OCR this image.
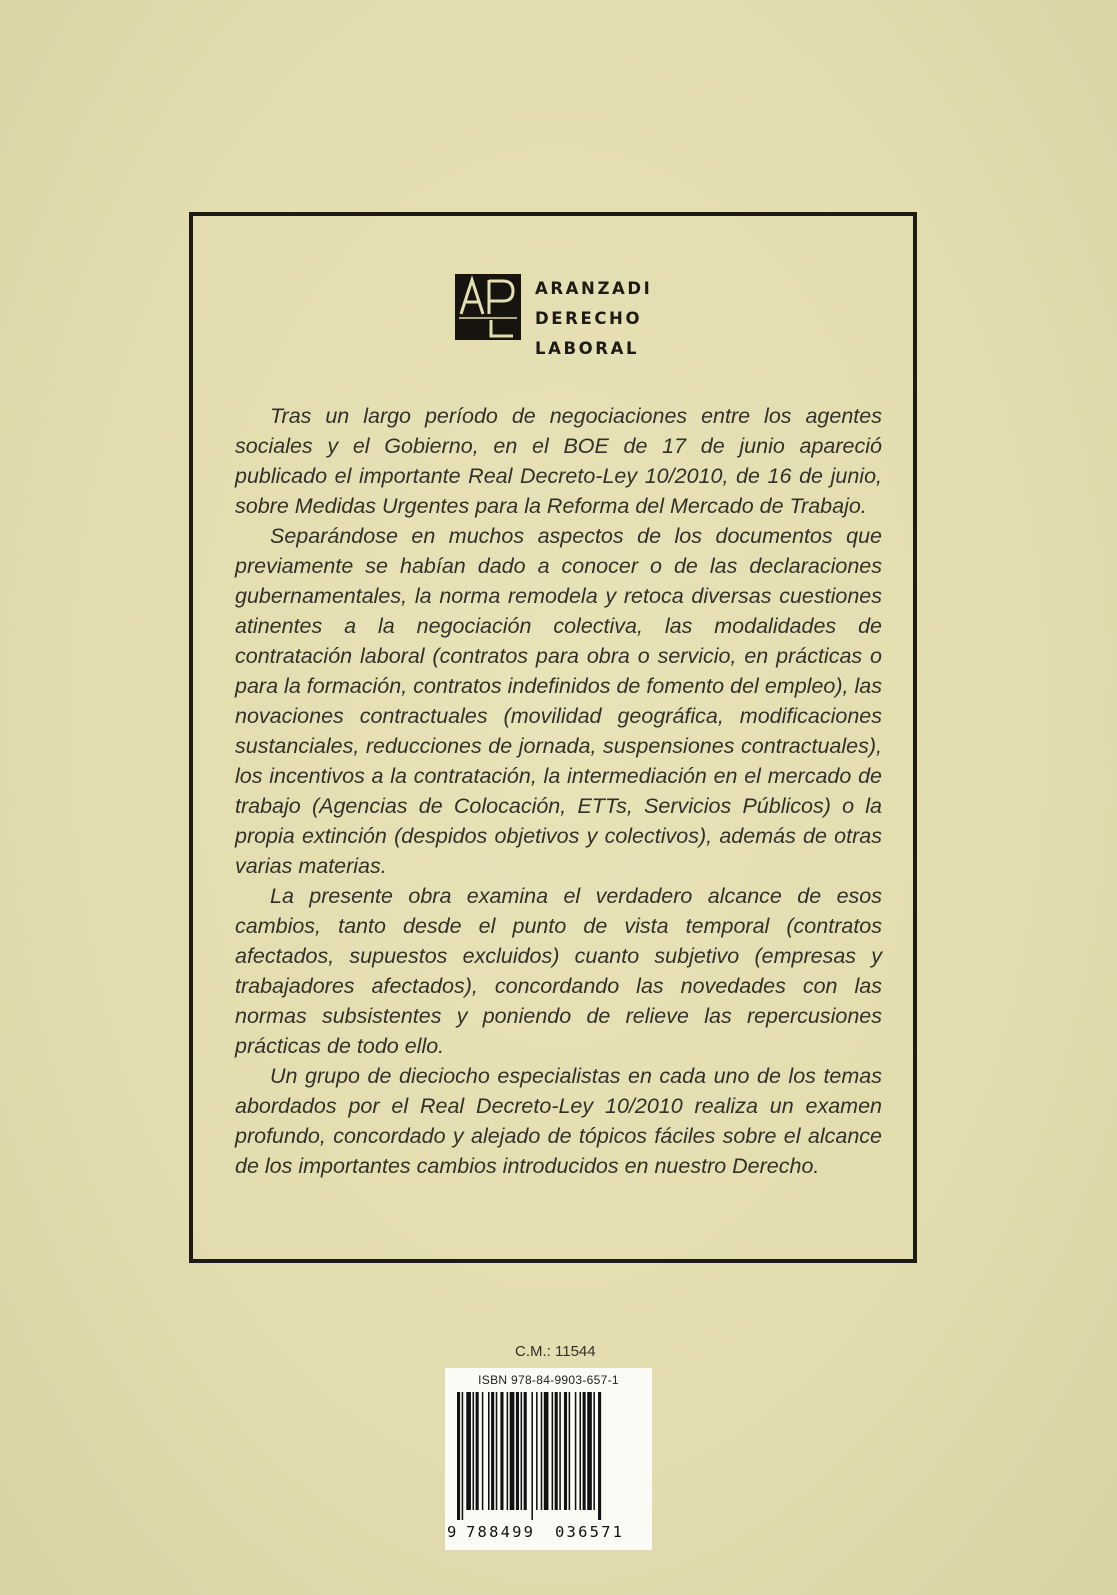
ARANZADI
DERECHO
LABORAL

Tras un largo período de negociaciones entre los agentes sociales y el Gobierno, en el BOE de 17 de junio apareció publicado el importante Real Decreto-Ley 10/2010, de 16 de junio, sobre Medidas Urgentes para la Reforma del Mercado de Trabajo.

Separándose en muchos aspectos de los documentos que previamente se habían dado a conocer o de las declaraciones gubernamentales, la norma remodela y retoca diversas cuestiones atinentes a la negociación colectiva, las modalidades de contratación laboral (contratos para obra o servicio, en prácticas o para la formación, contratos indefinidos de fomento del empleo), las novaciones contractuales (movilidad geográfica, modificaciones sustanciales, reducciones de jornada, suspensiones contractuales), los incentivos a la contratación, la intermediación en el mercado de trabajo (Agencias de Colocación, ETTs, Servicios Públicos) o la propia extinción (despidos objetivos y colectivos), además de otras varias materias.

La presente obra examina el verdadero alcance de esos cambios, tanto desde el punto de vista temporal (contratos afectados, supuestos excluidos) cuanto subjetivo (empresas y trabajadores afectados), concordando las novedades con las normas subsistentes y poniendo de relieve las repercusiones prácticas de todo ello.

Un grupo de dieciocho especialistas en cada uno de los temas abordados por el Real Decreto-Ley 10/2010 realiza un examen profundo, concordado y alejado de tópicos fáciles sobre el alcance de los importantes cambios introducidos en nuestro Derecho.

C.M.: 11544
ISBN 978-84-9903-657-1
9 788499 036571
